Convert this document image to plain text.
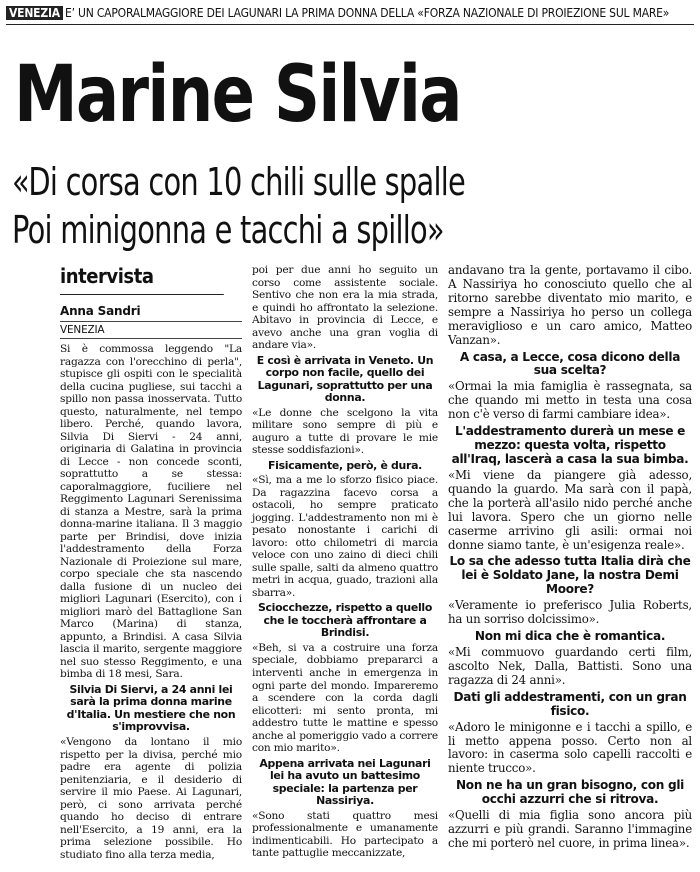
VENEZIA E’ UN CAPORALMAGGIORE DEI LAGUNARI LA PRIMA DONNA DELLA «FORZA NAZIONALE DI PROIEZIONE SUL MARE»
Marine Silvia
«Di corsa con 10 chili sulle spalle
Poi minigonna e tacchi a spillo»
intervista
Anna Sandri
VENEZIA

Si è commossa leggendo "La ragazza con l'orecchino di perla", stupisce gli ospiti con le specialità della cucina pugliese, sui tacchi a spillo non passa inosservata. Tutto questo, naturalmente, nel tempo libero. Perché, quando lavora, Silvia Di Siervi - 24 anni, originaria di Galatina in provincia di Lecce - non concede sconti, soprattutto a se stessa: caporalmaggiore, fuciliere nel Reggimento Lagunari Serenissima di stanza a Mestre, sarà la prima donna-marine italiana. Il 3 maggio parte per Brindisi, dove inizia l'addestramento della Forza Nazionale di Proiezione sul mare, corpo speciale che sta nascendo dalla fusione di un nucleo dei migliori Lagunari (Esercito), con i migliori marò del Battaglione San Marco (Marina) di stanza, appunto, a Brindisi. A casa Silvia lascia il marito, sergente maggiore nel suo stesso Reggimento, e una bimba di 18 mesi, Sara.

Silvia Di Siervi, a 24 anni lei sarà la prima donna marine d'Italia. Un mestiere che non s'improvvisa.

«Vengono da lontano il mio rispetto per la divisa, perché mio padre era agente di polizia penitenziaria, e il desiderio di servire il mio Paese. Ai Lagunari, però, ci sono arrivata perché quando ho deciso di entrare nell'Esercito, a 19 anni, era la prima selezione possibile. Ho studiato fino alla terza media,

poi per due anni ho seguito un corso come assistente sociale. Sentivo che non era la mia strada, e quindi ho affrontato la selezione. Abitavo in provincia di Lecce, e avevo anche una gran voglia di andare via».

E così è arrivata in Veneto. Un corpo non facile, quello dei Lagunari, soprattutto per una donna.

«Le donne che scelgono la vita militare sono sempre di più e auguro a tutte di provare le mie stesse soddisfazioni».

Fisicamente, però, è dura.

«Sì, ma a me lo sforzo fisico piace. Da ragazzina facevo corsa a ostacoli, ho sempre praticato jogging. L'addestramento non mi è pesato nonostante i carichi di lavoro: otto chilometri di marcia veloce con uno zaino di dieci chili sulle spalle, salti da almeno quattro metri in acqua, guado, trazioni alla sbarra».

Sciocchezze, rispetto a quello che le toccherà affrontare a Brindisi.

«Beh, si va a costruire una forza speciale, dobbiamo prepararci a interventi anche in emergenza in ogni parte del mondo. Impareremo a scendere con la corda dagli elicotteri: mi sento pronta, mi addestro tutte le mattine e spesso anche al pomeriggio vado a correre con mio marito».

Appena arrivata nei Lagunari lei ha avuto un battesimo speciale: la partenza per Nassiriya.

«Sono stati quattro mesi professionalmente e umanamente indimenticabili. Ho partecipato a tante pattuglie meccanizzate,

andavano tra la gente, portavamo il cibo. A Nassiriya ho conosciuto quello che al ritorno sarebbe diventato mio marito, e sempre a Nassiriya ho perso un collega meraviglioso e un caro amico, Matteo Vanzan».

A casa, a Lecce, cosa dicono della sua scelta?

«Ormai la mia famiglia è rassegnata, sa che quando mi metto in testa una cosa non c'è verso di farmi cambiare idea».

L'addestramento durerà un mese e mezzo: questa volta, rispetto all'Iraq, lascerà a casa la sua bimba.

«Mi viene da piangere già adesso, quando la guardo. Ma sarà con il papà, che la porterà all'asilo nido perché anche lui lavora. Spero che un giorno nelle caserme arrivino gli asili: ormai noi donne siamo tante, è un'esigenza reale».

Lo sa che adesso tutta Italia dirà che lei è Soldato Jane, la nostra Demi Moore?

«Veramente io preferisco Julia Roberts, ha un sorriso dolcissimo».

Non mi dica che è romantica.

«Mi commuovo guardando certi film, ascolto Nek, Dalla, Battisti. Sono una ragazza di 24 anni».

Dati gli addestramenti, con un gran fisico.

«Adoro le minigonne e i tacchi a spillo, e li metto appena posso. Certo non al lavoro: in caserma solo capelli raccolti e niente trucco».

Non ne ha un gran bisogno, con gli occhi azzurri che si ritrova.

«Quelli di mia figlia sono ancora più azzurri e più grandi. Saranno l'immagine che mi porterò nel cuore, in prima linea».
